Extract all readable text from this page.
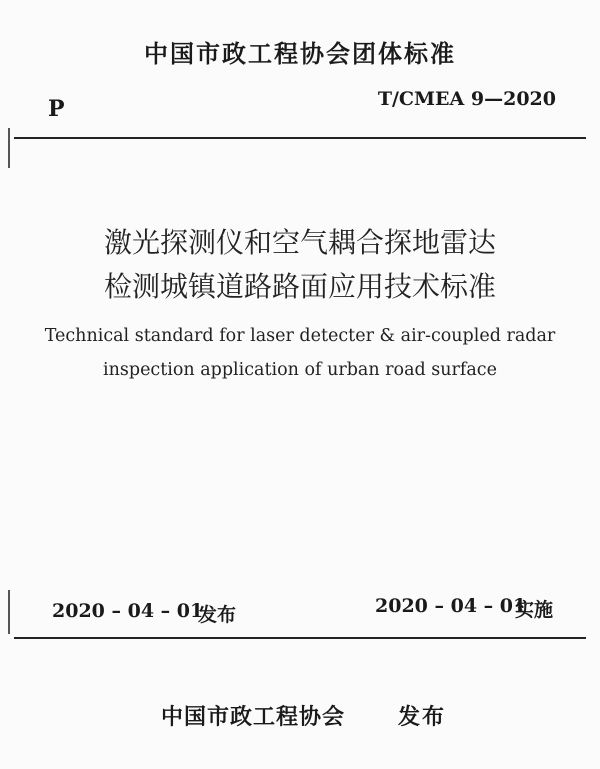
中国市政工程协会团体标准
P	T/CMEA 9—2020
激光探测仪和空气耦合探地雷达
检测城镇道路路面应用技术标准
Technical standard for laser detecter & air-coupled radar
inspection application of urban road surface
2020 – 04 – 01
发布	2020 – 04 – 01
实施
中国市政工程协会 发布
